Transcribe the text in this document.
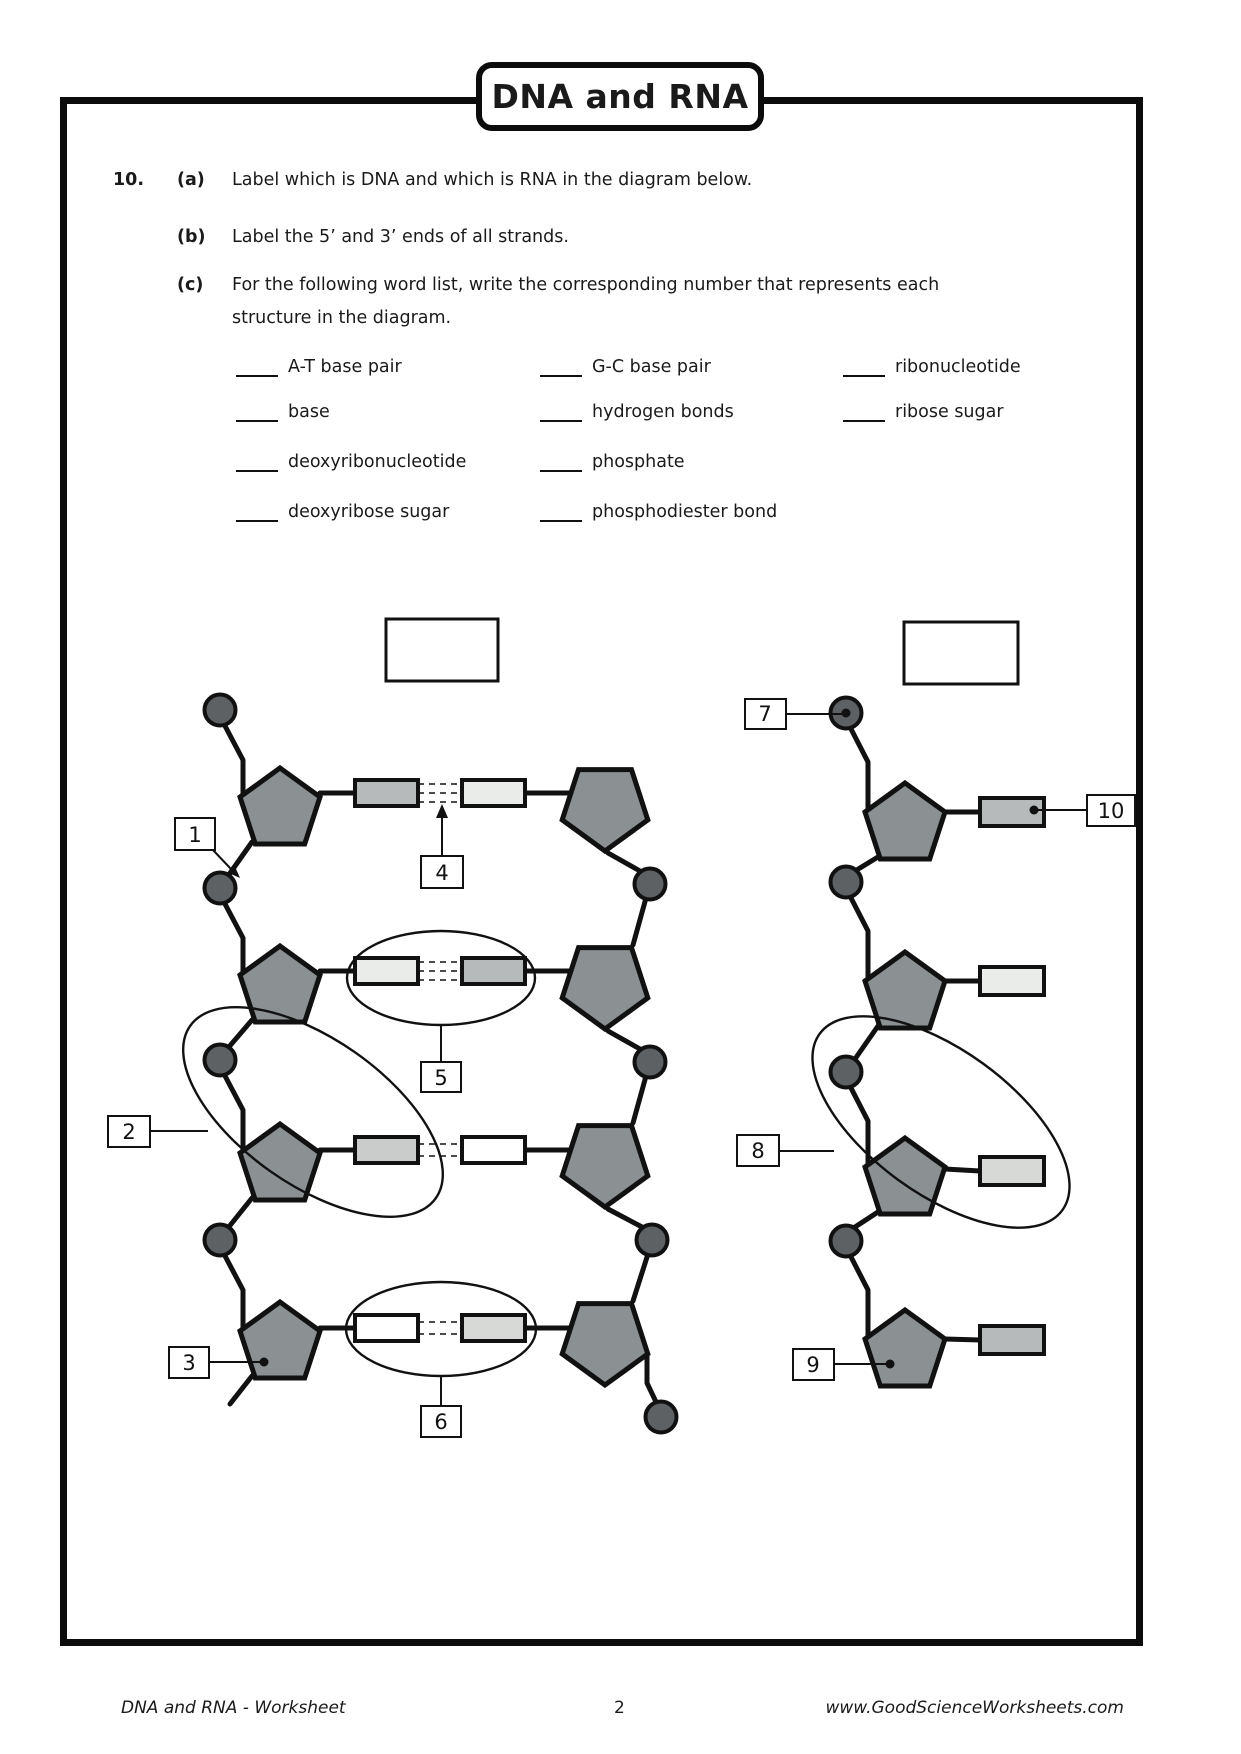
DNA and RNA
10. (a) Label which is DNA and which is RNA in the diagram below.
(b) Label the 5’ and 3’ ends of all strands.
(c) For the following word list, write the corresponding number that represents each
structure in the diagram.
A-T base pair	G-C base pair	ribonucleotide
base	hydrogen bonds	ribose sugar
deoxyribonucleotide	phosphate
deoxyribose sugar	phosphodiester bond
1
4
5
2
3
6
7
10
8
9
DNA and RNA - Worksheet	2	www.GoodScienceWorksheets.com
